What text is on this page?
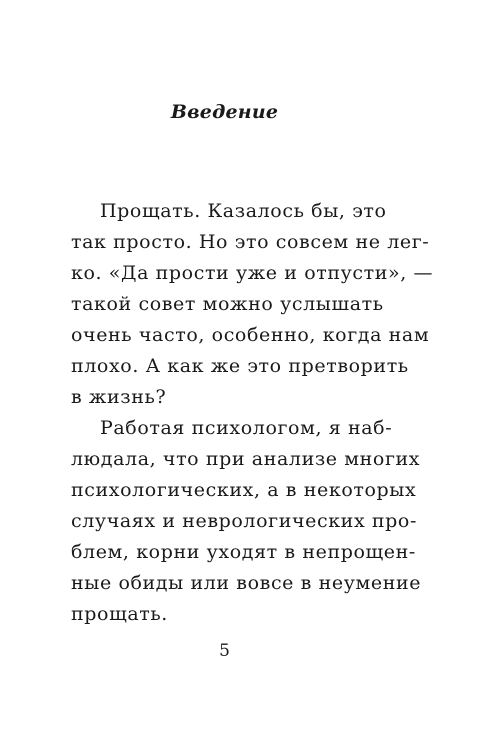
Введение
Прощать. Казалось бы, это
так просто. Но это совсем не лег-
ко. «Да прости уже и отпусти», —
такой совет можно услышать
очень часто, особенно, когда нам
плохо. А как же это претворить
в жизнь?
Работая психологом, я наб-
людала, что при анализе многих
психологических, а в некоторых
случаях и неврологических про-
блем, корни уходят в непрощен-
ные обиды или вовсе в неумение
прощать.
5
